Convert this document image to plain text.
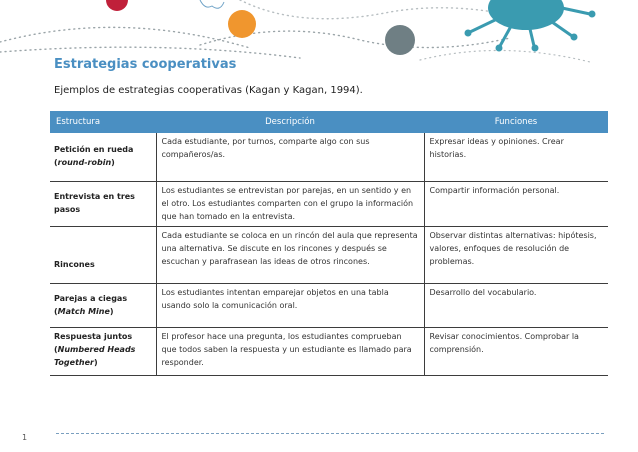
Estrategias cooperativas
Ejemplos de estrategias cooperativas (Kagan y Kagan, 1994).
Estructura	Descripción	Funciones
Petición en rueda
(round-robin)	Cada estudiante, por turnos, comparte algo con sus compañeros/as.	Expresar ideas y opiniones. Crear historias.
Entrevista en tres pasos	Los estudiantes se entrevistan por parejas, en un sentido y en el otro. Los estudiantes comparten con el grupo la información que han tomado en la entrevista.	Compartir información personal.
Rincones	Cada estudiante se coloca en un rincón del aula que representa una alternativa. Se discute en los rincones y después se escuchan y parafrasean las ideas de otros rincones.	Observar distintas alternativas: hipótesis, valores, enfoques de resolución de problemas.
Parejas a ciegas
(Match Mine)	Los estudiantes intentan emparejar objetos en una tabla usando solo la comunicación oral.	Desarrollo del vocabulario.
Respuesta juntos
(Numbered Heads Together)	El profesor hace una pregunta, los estudiantes comprueban que todos saben la respuesta y un estudiante es llamado para responder.	Revisar conocimientos. Comprobar la comprensión.
1
